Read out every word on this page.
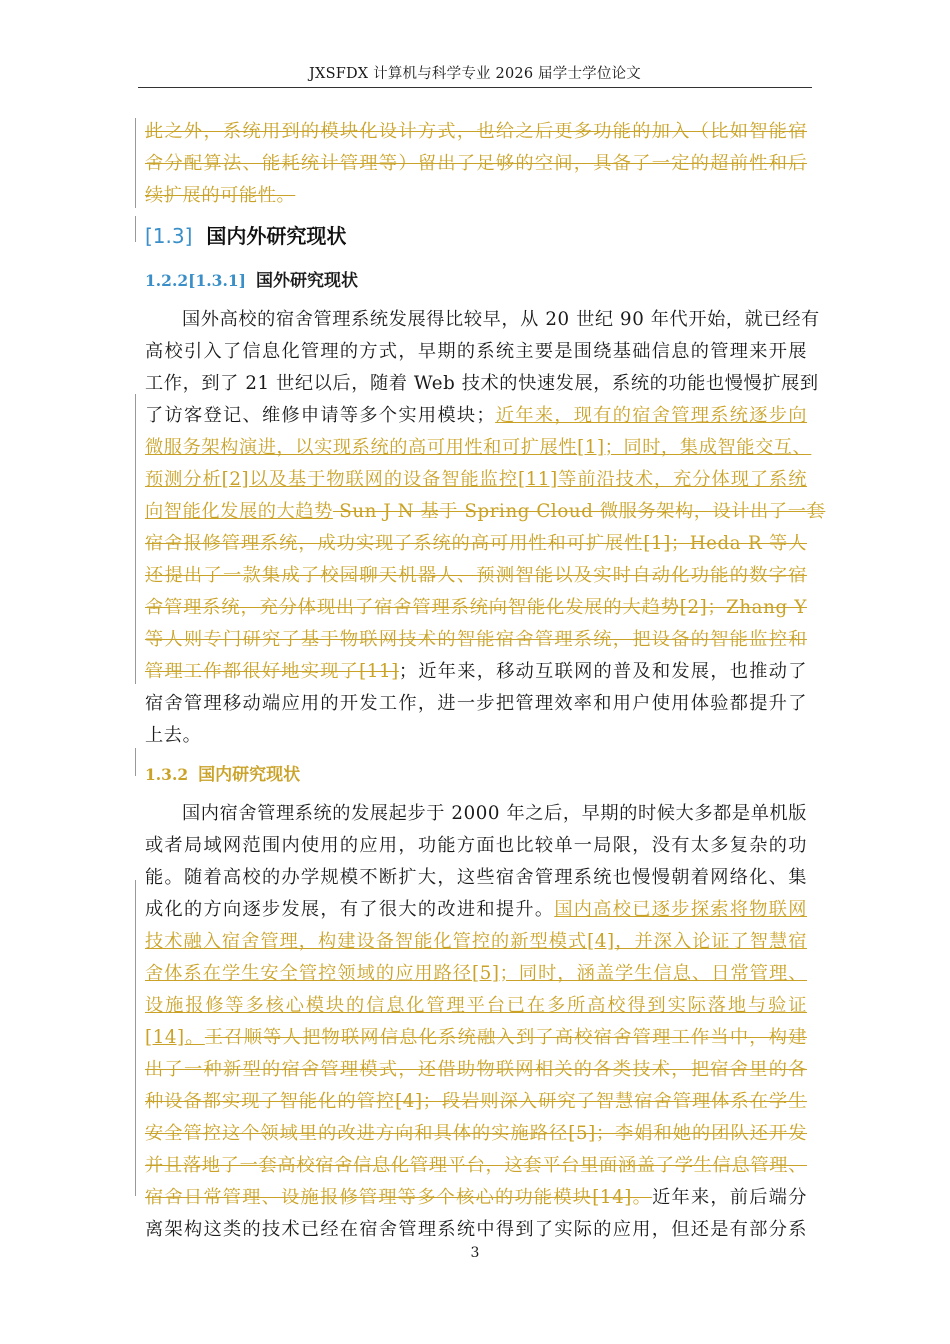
JXSFDX 计算机与科学专业 2026 届学士学位论文
此之外，系统用到的模块化设计方式，也给之后更多功能的加入（比如智能宿
舍分配算法、能耗统计管理等）留出了足够的空间，具备了一定的超前性和后
续扩展的可能性。
[1.3] 国内外研究现状
1.2.2[1.3.1] 国外研究现状
国外高校的宿舍管理系统发展得比较早，从 20 世纪 90 年代开始，就已经有
高校引入了信息化管理的方式，早期的系统主要是围绕基础信息的管理来开展
工作，到了 21 世纪以后，随着 Web 技术的快速发展，系统的功能也慢慢扩展到
了访客登记、维修申请等多个实用模块；近年来，现有的宿舍管理系统逐步向
微服务架构演进，以实现系统的高可用性和可扩展性[1]；同时，集成智能交互、
预测分析[2]以及基于物联网的设备智能监控[11]等前沿技术，充分体现了系统
向智能化发展的大趋势 Sun J N 基于 Spring Cloud 微服务架构，设计出了一套
宿舍报修管理系统，成功实现了系统的高可用性和可扩展性[1]；Heda R 等人
还提出了一款集成了校园聊天机器人、预测智能以及实时自动化功能的数字宿
舍管理系统，充分体现出了宿舍管理系统向智能化发展的大趋势[2]；Zhang Y
等人则专门研究了基于物联网技术的智能宿舍管理系统，把设备的智能监控和
管理工作都很好地实现了[11]；近年来，移动互联网的普及和发展，也推动了
宿舍管理移动端应用的开发工作，进一步把管理效率和用户使用体验都提升了
上去。
1.3.2 国内研究现状
国内宿舍管理系统的发展起步于 2000 年之后，早期的时候大多都是单机版
或者局域网范围内使用的应用，功能方面也比较单一局限，没有太多复杂的功
能。随着高校的办学规模不断扩大，这些宿舍管理系统也慢慢朝着网络化、集
成化的方向逐步发展，有了很大的改进和提升。国内高校已逐步探索将物联网
技术融入宿舍管理，构建设备智能化管控的新型模式[4]，并深入论证了智慧宿
舍体系在学生安全管控领域的应用路径[5]；同时，涵盖学生信息、日常管理、
设施报修等多核心模块的信息化管理平台已在多所高校得到实际落地与验证
[14]。王召顺等人把物联网信息化系统融入到了高校宿舍管理工作当中，构建
出了一种新型的宿舍管理模式，还借助物联网相关的各类技术，把宿舍里的各
种设备都实现了智能化的管控[4]；段岩则深入研究了智慧宿舍管理体系在学生
安全管控这个领域里的改进方向和具体的实施路径[5]；李娟和她的团队还开发
并且落地了一套高校宿舍信息化管理平台，这套平台里面涵盖了学生信息管理、
宿舍日常管理、设施报修管理等多个核心的功能模块[14]。近年来，前后端分
离架构这类的技术已经在宿舍管理系统中得到了实际的应用，但还是有部分系
3
